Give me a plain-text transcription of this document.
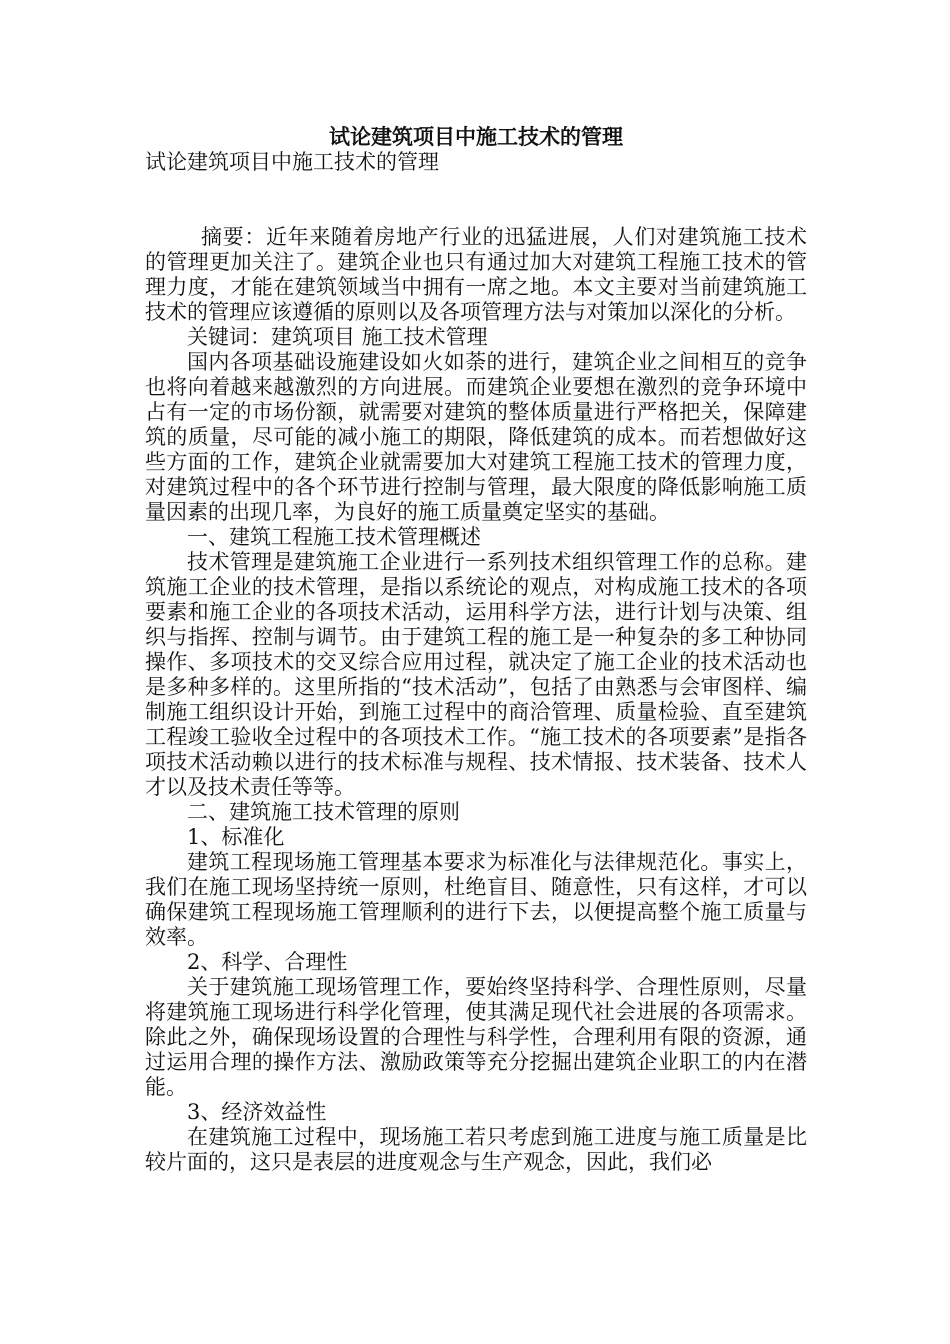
试论建筑项目中施工技术的管理

试论建筑项目中施工技术的管理

摘要：近年来随着房地产行业的迅猛进展，人们对建筑施工技术的管理更加关注了。建筑企业也只有通过加大对建筑工程施工技术的管理力度，才能在建筑领域当中拥有一席之地。本文主要对当前建筑施工技术的管理应该遵循的原则以及各项管理方法与对策加以深化的分析。

关键词：建筑项目 施工技术管理

国内各项基础设施建设如火如荼的进行，建筑企业之间相互的竞争也将向着越来越激烈的方向进展。而建筑企业要想在激烈的竞争环境中占有一定的市场份额，就需要对建筑的整体质量进行严格把关，保障建筑的质量，尽可能的减小施工的期限，降低建筑的成本。而若想做好这些方面的工作，建筑企业就需要加大对建筑工程施工技术的管理力度，对建筑过程中的各个环节进行控制与管理，最大限度的降低影响施工质量因素的出现几率，为良好的施工质量奠定坚实的基础。

一、建筑工程施工技术管理概述

技术管理是建筑施工企业进行一系列技术组织管理工作的总称。建筑施工企业的技术管理，是指以系统论的观点，对构成施工技术的各项要素和施工企业的各项技术活动，运用科学方法，进行计划与决策、组织与指挥、控制与调节。由于建筑工程的施工是一种复杂的多工种协同操作、多项技术的交叉综合应用过程，就决定了施工企业的技术活动也是多种多样的。这里所指的“技术活动”，包括了由熟悉与会审图样、编制施工组织设计开始，到施工过程中的商洽管理、质量检验、直至建筑工程竣工验收全过程中的各项技术工作。“施工技术的各项要素”是指各项技术活动赖以进行的技术标准与规程、技术情报、技术装备、技术人才以及技术责任等等。

二、建筑施工技术管理的原则

1、标准化

建筑工程现场施工管理基本要求为标准化与法律规范化。事实上，我们在施工现场坚持统一原则，杜绝盲目、随意性，只有这样，才可以确保建筑工程现场施工管理顺利的进行下去，以便提高整个施工质量与效率。

2、科学、合理性

关于建筑施工现场管理工作，要始终坚持科学、合理性原则，尽量将建筑施工现场进行科学化管理，使其满足现代社会进展的各项需求。除此之外，确保现场设置的合理性与科学性，合理利用有限的资源，通过运用合理的操作方法、激励政策等充分挖掘出建筑企业职工的内在潜能。

3、经济效益性

在建筑施工过程中，现场施工若只考虑到施工进度与施工质量是比较片面的，这只是表层的进度观念与生产观念，因此，我们必
